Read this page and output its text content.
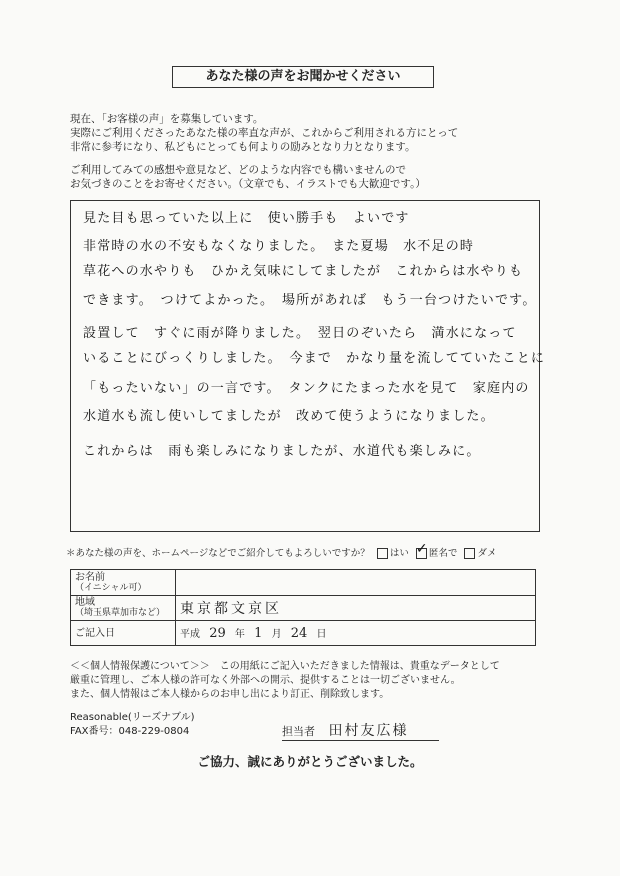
あなた様の声をお聞かせください
現在、「お客様の声」を募集しています。
実際にご利用くださったあなた様の率直な声が、これからご利用される方にとって
非常に参考になり、私どもにとっても何よりの励みとなり力となります。
ご利用してみての感想や意見など、どのような内容でも構いませんので
お気づきのことをお寄せください。（文章でも、イラストでも大歓迎です。）
見た目も思っていた以上に　使い勝手も　よいです
非常時の水の不安もなくなりました。　また夏場　水不足の時
草花への水やりも　ひかえ気味にしてましたが　これからは水やりも
できます。　つけてよかった。　場所があれば　もう一台つけたいです。
設置して　すぐに雨が降りました。　翌日のぞいたら　満水になって
いることにびっくりしました。　今まで　かなり量を流してていたことに
「もったいない」の一言です。　タンクにたまった水を見て　家庭内の
水道水も流し使いしてましたが　改めて使うようになりました。
これからは　雨も楽しみになりましたが、水道代も楽しみに。
＊あなた様の声を、ホームページなどでご紹介してもよろしいですか？ はい ✓ 匿名で ダメ
お名前
（イニシャル可）	

地域
（埼玉県草加市など）	東京都文京区

ご記入日	平成 29 年 1 月 24 日
＜＜個人情報保護について＞＞　この用紙にご記入いただきました情報は、貴重なデータとして
厳重に管理し、ご本人様の許可なく外部への開示、提供することは一切ございません。
また、個人情報はご本人様からのお申し出により訂正、削除致します。
Reasonable(リーズナブル)
FAX番号：048-229-0804	担当者 田村友広様
ご協力、誠にありがとうございました。
